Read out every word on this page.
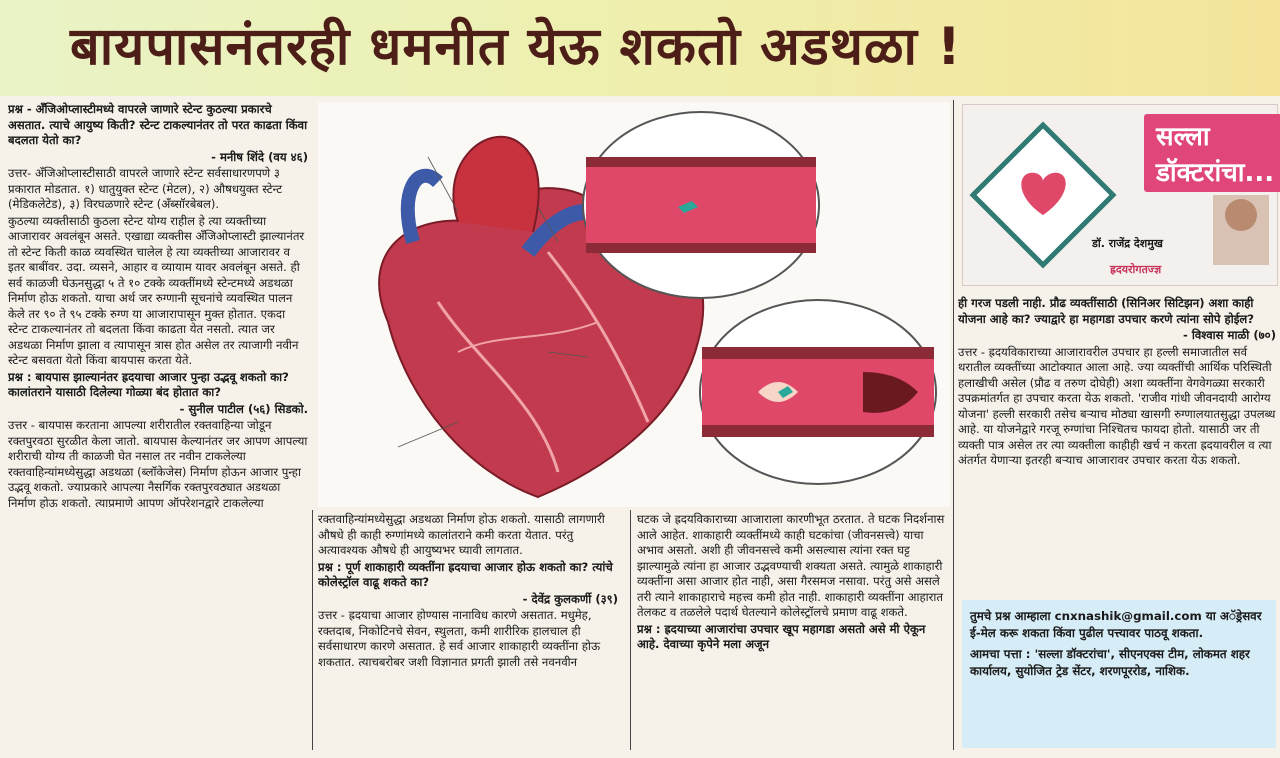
बायपासनंतरही धमनीत येऊ शकतो अडथळा !

प्रश्न - अँजिओप्लास्टीमध्ये वापरले जाणारे स्टेन्ट कुठल्या प्रकारचे असतात. त्याचे आयुष्य किती? स्टेन्ट टाकल्यानंतर तो परत काढता किंवा बदलता येतो का?

- मनीष शिंदे (वय ४६)

उत्तर- अँजिओप्लास्टीसाठी वापरले जाणारे स्टेन्ट सर्वसाधारणपणे ३ प्रकारात मोडतात. १) धातुयुक्त स्टेन्ट (मेटल), २) औषधयुक्त स्टेन्ट (मेडिकलेटेड), ३) विरघळणारे स्टेन्ट (अँब्सॉरबेबल).

कुठल्या व्यक्तीसाठी कुठला स्टेन्ट योग्य राहील हे त्या व्यक्तीच्या आजारावर अवलंबून असते. एखाद्या व्यक्तीस अँजिओप्लास्टी झाल्यानंतर तो स्टेन्ट किती काळ व्यवस्थित चालेल हे त्या व्यक्तीच्या आजारावर व इतर बाबींवर. उदा. व्यसने, आहार व व्यायाम यावर अवलंबून असते. ही सर्व काळजी घेऊनसुद्धा ५ ते १० टक्के व्यक्तींमध्ये स्टेन्टमध्ये अडथळा निर्माण होऊ शकतो. याचा अर्थ जर रुग्णानी सूचनांचे व्यवस्थित पालन केले तर ९० ते ९५ टक्के रुग्ण या आजारापासून मुक्त होतात. एकदा स्टेन्ट टाकल्यानंतर तो बदलता किंवा काढता येत नसतो. त्यात जर अडथळा निर्माण झाला व त्यापासून त्रास होत असेल तर त्याजागी नवीन स्टेन्ट बसवता येतो किंवा बायपास करता येते.

प्रश्न : बायपास झाल्यानंतर ह्रदयाचा आजार पुन्हा उद्भवू शकतो का? कालांतराने यासाठी दिलेल्या गोळ्या बंद होतात का?

- सुनील पाटील (५६) सिडको.

उत्तर - बायपास करताना आपल्या शरीरातील रक्तवाहिन्या जोडून रक्तपुरवठा सुरळीत केला जातो. बायपास केल्यानंतर जर आपण आपल्या शरीराची योग्य ती काळजी घेत नसाल तर नवीन टाकलेल्या रक्तवाहिन्यांमध्येसुद्धा अडथळा (ब्लॉकेजेस) निर्माण होऊन आजार पुन्हा उद्भवू शकतो. ज्याप्रकारे आपल्या नैसर्गिक रक्तपुरवठ्यात अडथळा निर्माण होऊ शकतो. त्याप्रमाणे आपण ऑपरेशनद्वारे टाकलेल्या

रक्तवाहिन्यांमध्येसुद्धा अडथळा निर्माण होऊ शकतो. यासाठी लागणारी औषधे ही काही रुग्णांमध्ये कालांतराने कमी करता येतात. परंतु अत्यावश्यक औषधे ही आयुष्यभर घ्यावी लागतात.

प्रश्न : पूर्ण शाकाहारी व्यक्तींना ह्रदयाचा आजार होऊ शकतो का? त्यांचे कोलेस्ट्रॉल वाढू शकते का?

- देवेंद्र कुलकर्णी (३९)

उत्तर - ह्रदयाचा आजार होण्यास नानाविध कारणे असतात. मधुमेह, रक्तदाब, निकोटिनचे सेवन, स्थुलता, कमी शारीरिक हालचाल ही सर्वसाधारण कारणे असतात. हे सर्व आजार शाकाहारी व्यक्तींना होऊ शकतात. त्याचबरोबर जशी विज्ञानात प्रगती झाली तसे नवनवीन

घटक जे ह्रदयविकाराच्या आजाराला कारणीभूत ठरतात. ते घटक निदर्शनास आले आहेत. शाकाहारी व्यक्तींमध्ये काही घटकांचा (जीवनसत्त्वे) याचा अभाव असतो. अशी ही जीवनसत्त्वे कमी असल्यास त्यांना रक्त घट्ट झाल्यामुळे त्यांना हा आजार उद्भवण्याची शक्यता असते. त्यामुळे शाकाहारी व्यक्तींना असा आजार होत नाही, असा गैरसमज नसावा. परंतु असे असले तरी त्याने शाकाहाराचे महत्त्व कमी होत नाही. शाकाहारी व्यक्तींना आहारात तेलकट व तळलेले पदार्थ घेतल्याने कोलेस्ट्रॉलचे प्रमाण वाढू शकते.

प्रश्न : ह्रदयाच्या आजारांचा उपचार खूप महागडा असतो असे मी ऐकून आहे. देवाच्या कृपेने मला अजून

सल्ला डॉक्टरांचा...
डॉ. राजेंद्र देशमुख
ह्रदयरोगतज्ज्ञ

ही गरज पडली नाही. प्रौढ व्यक्तींसाठी (सिनिअर सिटिझन) अशा काही योजना आहे का? ज्याद्वारे हा महागडा उपचार करणे त्यांना सोपे होईल?

- विश्वास माळी (७०)

उत्तर - ह्रदयविकाराच्या आजारावरील उपचार हा हल्ली समाजातील सर्व थरातील व्यक्तींच्या आटोक्यात आला आहे. ज्या व्यक्तींची आर्थिक परिस्थिती हलाखीची असेल (प्रौढ व तरुण दोघेही) अशा व्यक्तींना वेगवेगळ्या सरकारी उपक्रमांतर्गत हा उपचार करता येऊ शकतो. 'राजीव गांधी जीवनदायी आरोग्य योजना' हल्ली सरकारी तसेच बऱ्याच मोठ्या खासगी रुग्णालयातसुद्धा उपलब्ध आहे. या योजनेद्वारे गरजू रुग्णांचा निश्चितच फायदा होतो. यासाठी जर ती व्यक्ती पात्र असेल तर त्या व्यक्तीला काहीही खर्च न करता ह्रदयावरील व त्या अंतर्गत येणाऱ्या इतरही बऱ्याच आजारावर उपचार करता येऊ शकतो.

तुमचे प्रश्न आम्हाला cnxnashik@gmail.com या अॅड्रेसवर ई-मेल करू शकता किंवा पुढील पत्त्यावर पाठवू शकता.

आमचा पत्ता : 'सल्ला डॉक्टरांचा', सीएनएक्स टीम, लोकमत शहर कार्यालय, सुयोजित ट्रेड सेंटर, शरणपूररोड, नाशिक.
